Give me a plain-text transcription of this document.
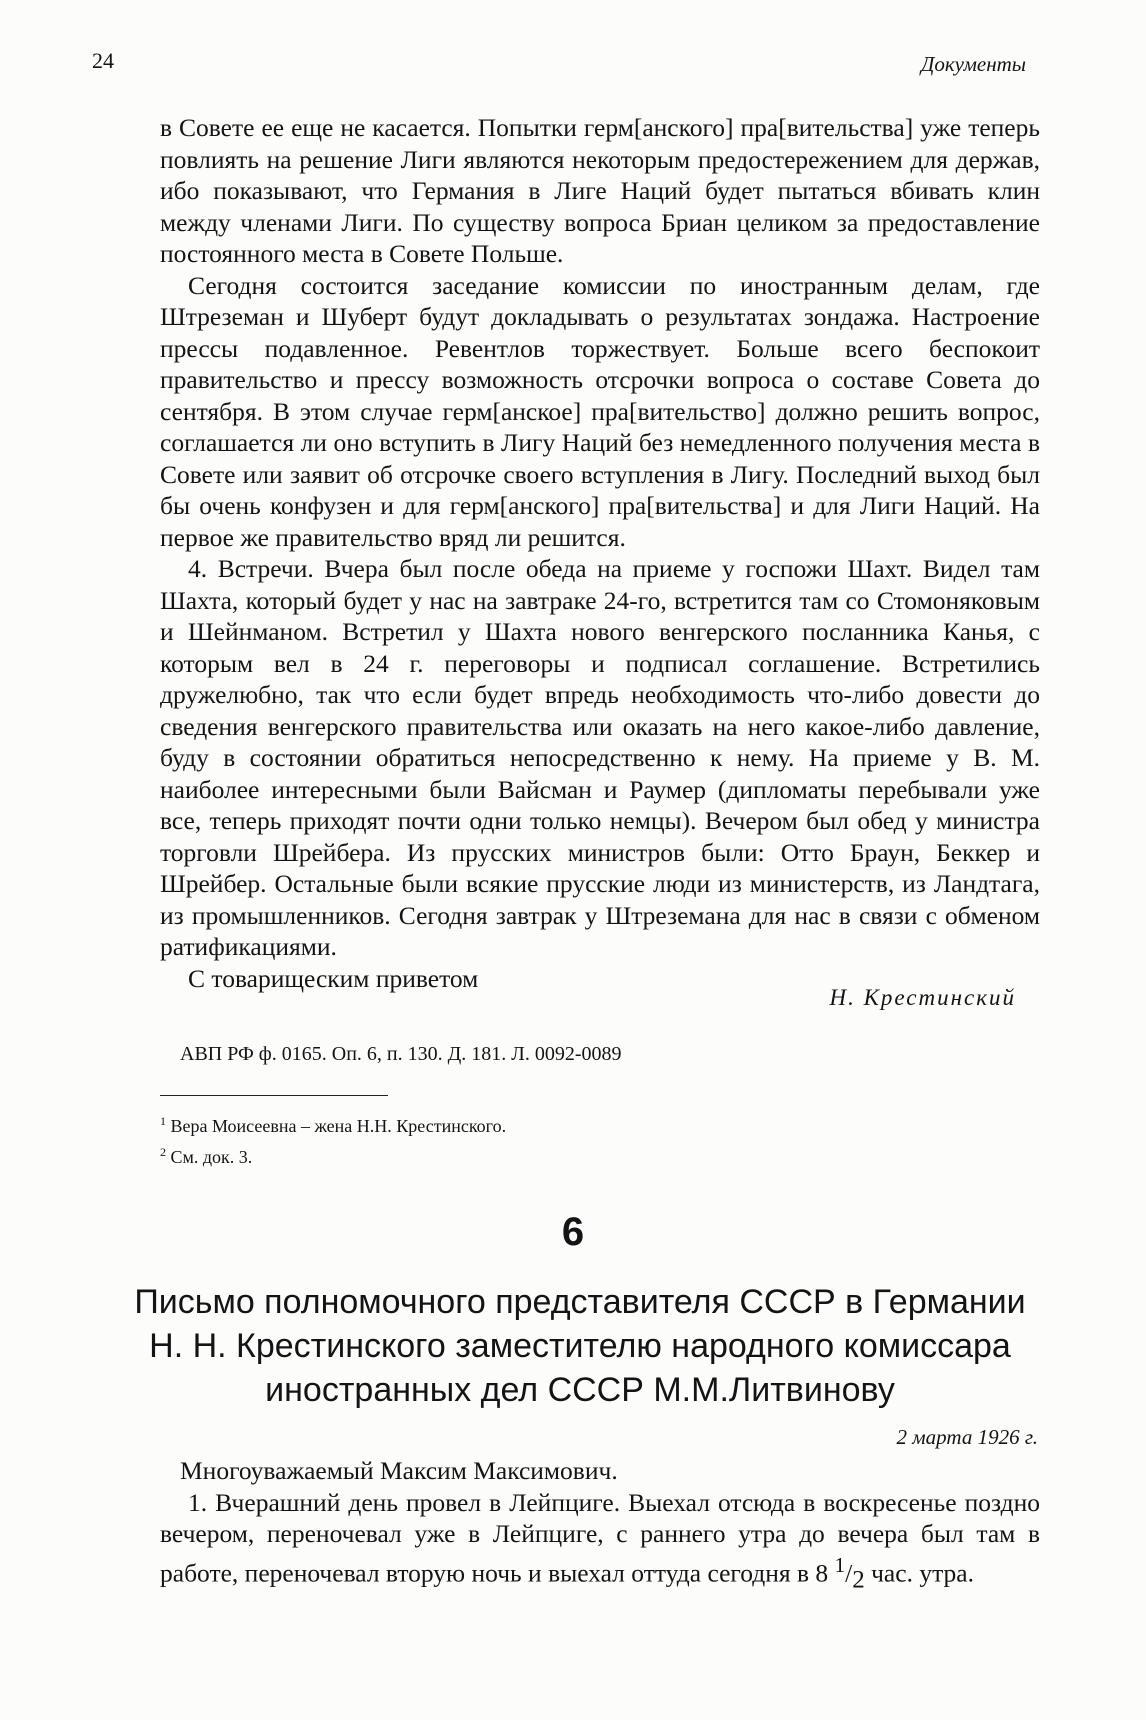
24	Документы

в Совете ее еще не касается. Попытки герм[анского] пра[вительства] уже теперь повлиять на решение Лиги являются некоторым предостережением для держав, ибо показывают, что Германия в Лиге Наций будет пытаться вбивать клин между членами Лиги. По существу вопроса Бриан целиком за предоставление постоянного места в Совете Польше.

Сегодня состоится заседание комиссии по иностранным делам, где Штреземан и Шуберт будут докладывать о результатах зондажа. Настроение прессы подавленное. Ревентлов торжествует. Больше всего беспокоит правительство и прессу возможность отсрочки вопроса о составе Совета до сентября. В этом случае герм[анское] пра[вительство] должно решить вопрос, соглашается ли оно вступить в Лигу Наций без немедленного получения места в Совете или заявит об отсрочке своего вступления в Лигу. Последний выход был бы очень конфузен и для герм[анского] пра[вительства] и для Лиги Наций. На первое же правительство вряд ли решится.

4. Встречи. Вчера был после обеда на приеме у госпожи Шахт. Видел там Шахта, который будет у нас на завтраке 24-го, встретится там со Стомоняковым и Шейнманом. Встретил у Шахта нового венгерского посланника Канья, с которым вел в 24 г. переговоры и подписал соглашение. Встретились дружелюбно, так что если будет впредь необходимость что-либо довести до сведения венгерского правительства или оказать на него какое-либо давление, буду в состоянии обратиться непосредственно к нему. На приеме у В. М. наиболее интересными были Вайсман и Раумер (дипломаты перебывали уже все, теперь приходят почти одни только немцы). Вечером был обед у министра торговли Шрейбера. Из прусских министров были: Отто Браун, Беккер и Шрейбер. Остальные были всякие прусские люди из министерств, из Ландтага, из промышленников. Сегодня завтрак у Штреземана для нас в связи с обменом ратификациями.

С товарищеским приветом

Н. Крестинский
АВП РФ ф. 0165. Оп. 6, п. 130. Д. 181. Л. 0092-0089
$^1$ Вера Моисеевна – жена Н.Н. Крестинского.
$^2$ См. док. 3.
6
Письмо полномочного представителя СССР в Германии
Н. Н. Крестинского заместителю народного комиссара
иностранных дел СССР М.М.Литвинову
2 марта 1926 г.

Многоуважаемый Максим Максимович.

1. Вчерашний день провел в Лейпциге. Выехал отсюда в воскресенье поздно вечером, переночевал уже в Лейпциге, с раннего утра до вечера был там в работе, переночевал вторую ночь и выехал оттуда сегодня в 8 $^1/_2$ час. утра.
